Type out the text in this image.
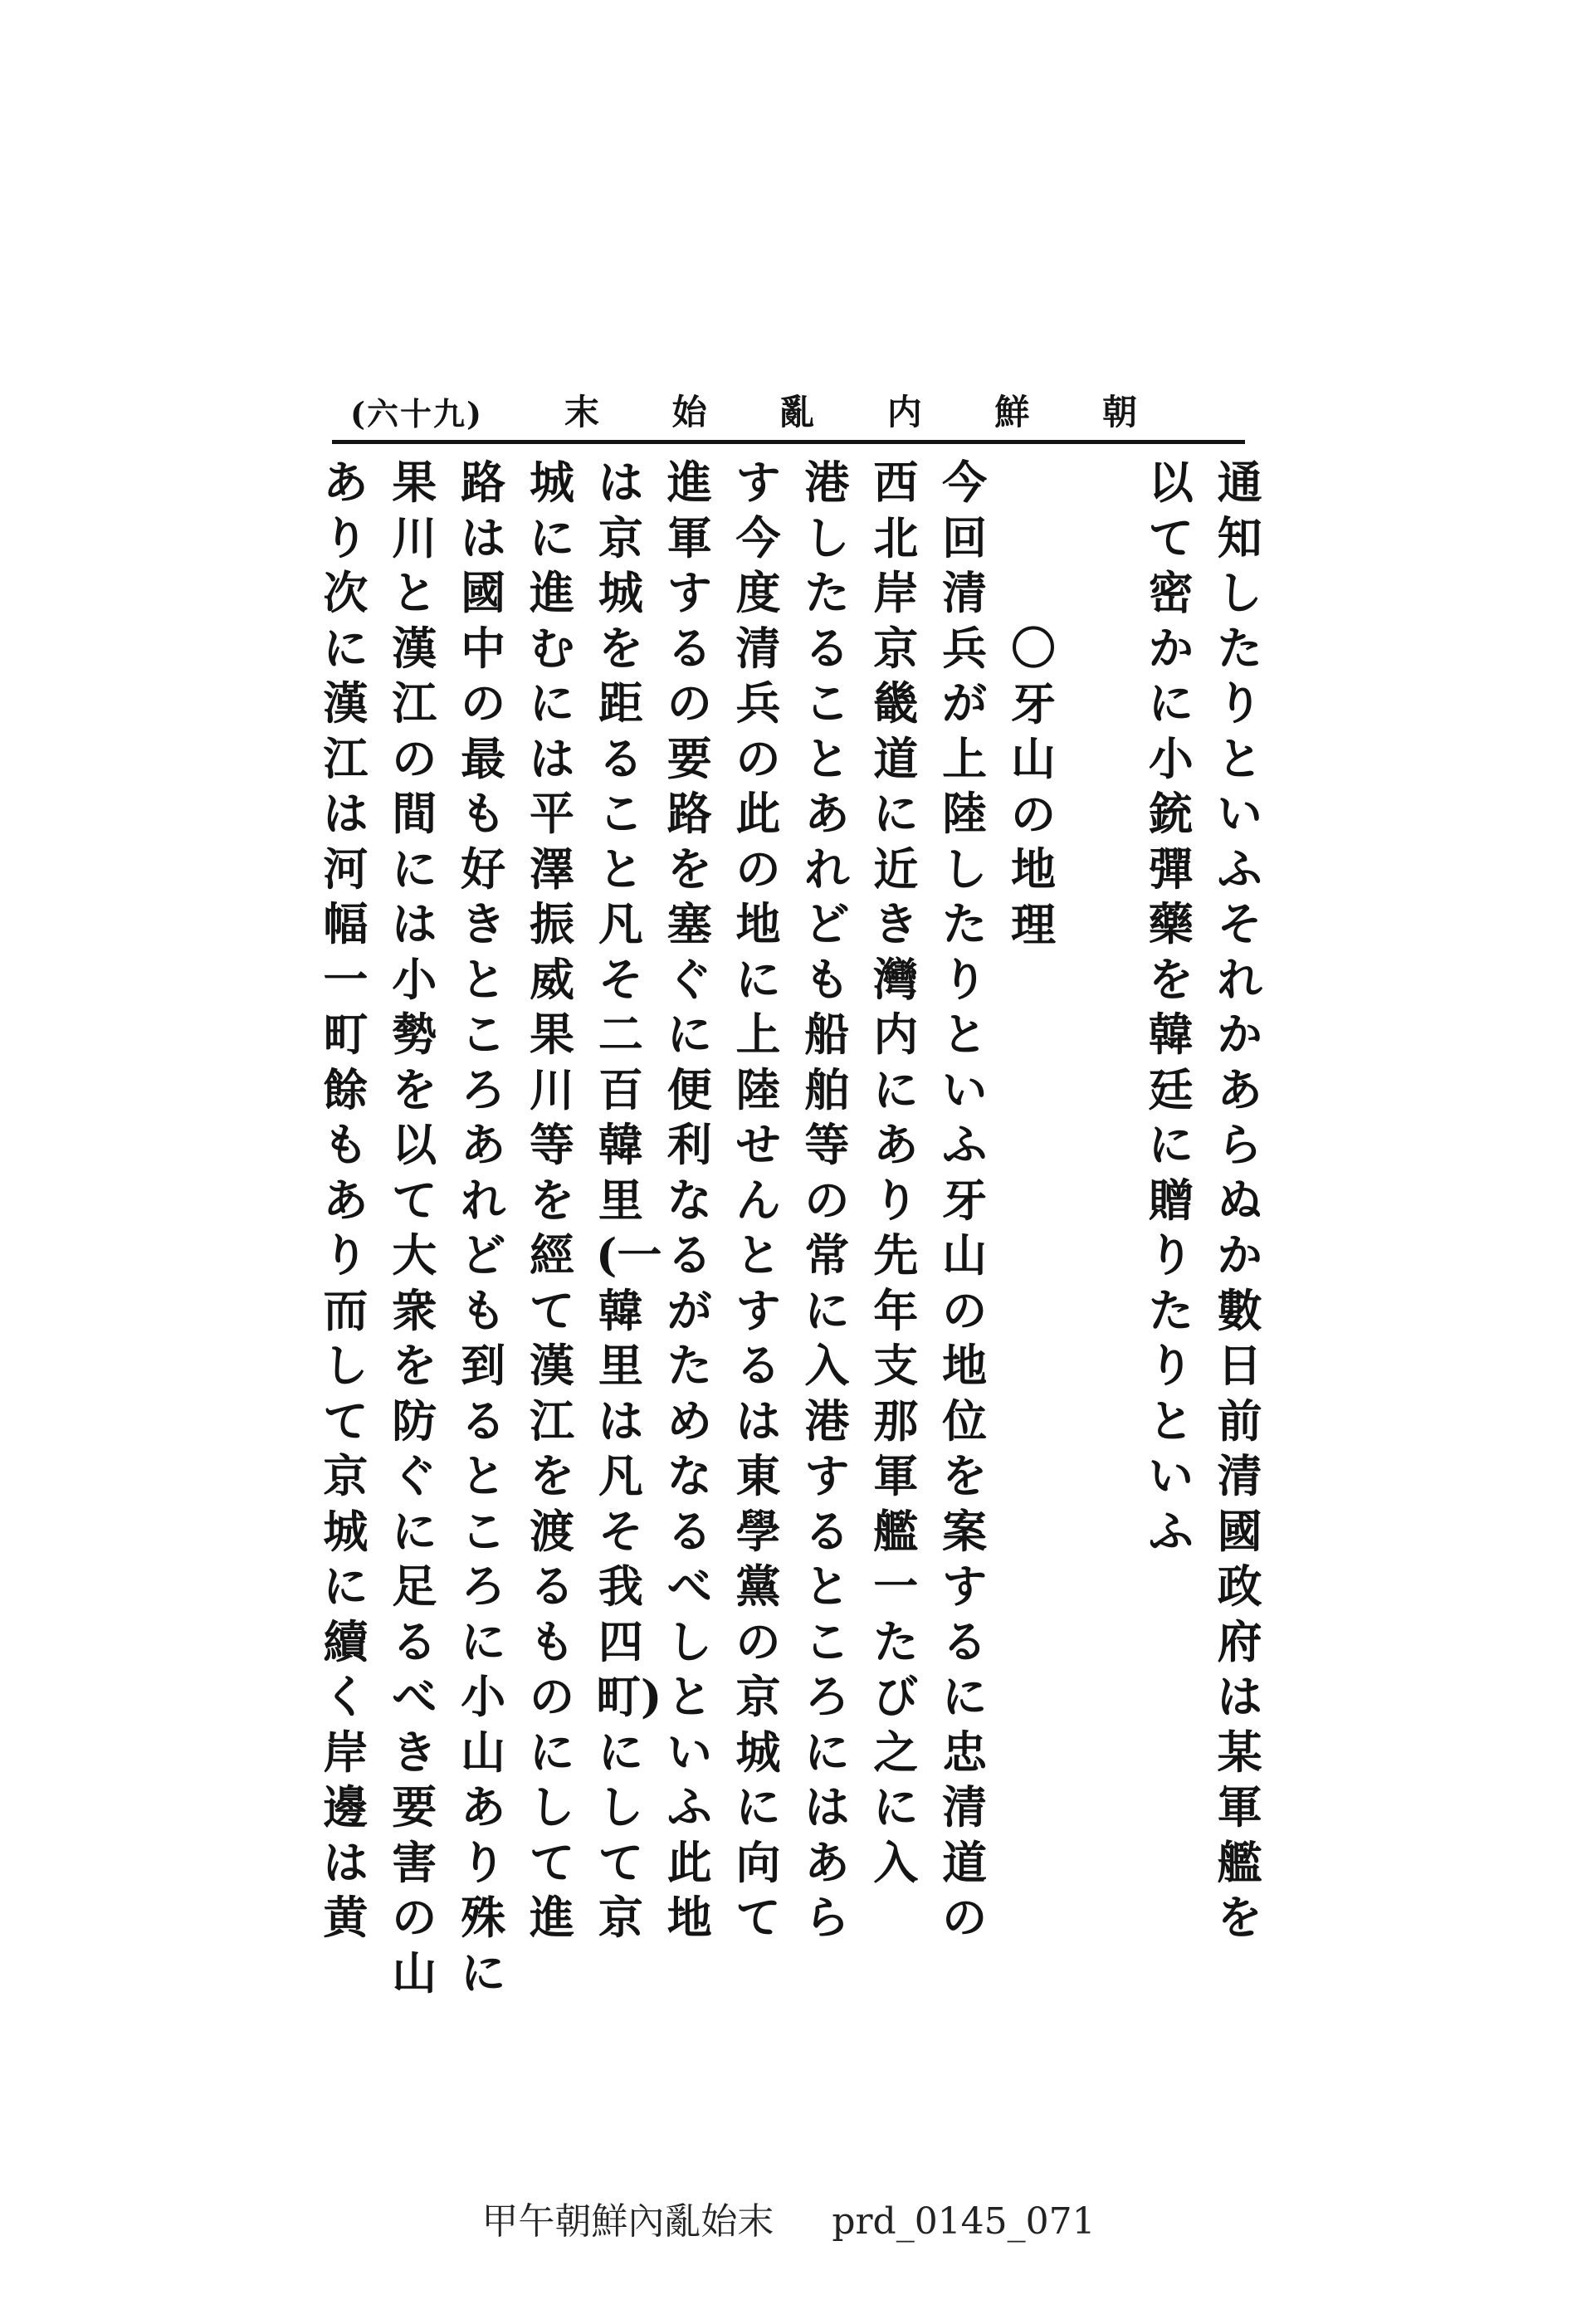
(六十九)	朝
鮮
内
亂
始
末
通知したりといふそれかあらぬか數日前清國政府は某軍艦を
以て密かに小銃彈藥を韓廷に贈りたりといふ
〇牙山の地理
今回清兵が上陸したりといふ牙山の地位を案するに忠清道の
西北岸京畿道に近き灣内にあり先年支那軍艦一たび之に入
港したることあれども船舶等の常に入港するところにはあら
す今度清兵の此の地に上陸せんとするは東學黨の京城に向て
進軍するの要路を塞ぐに便利なるがためなるべしといふ此地
は京城を距ること凡そ二百韓里(一韓里は凡そ我四町)にして京
城に進むには平澤振威果川等を經て漢江を渡るものにして進
路は國中の最も好きところあれども到るところに小山あり殊に
果川と漢江の間には小勢を以て大衆を防ぐに足るべき要害の山
あり次に漢江は河幅一町餘もあり而して京城に續く岸邊は黄
甲午朝鮮內亂始末 prd_0145_071
